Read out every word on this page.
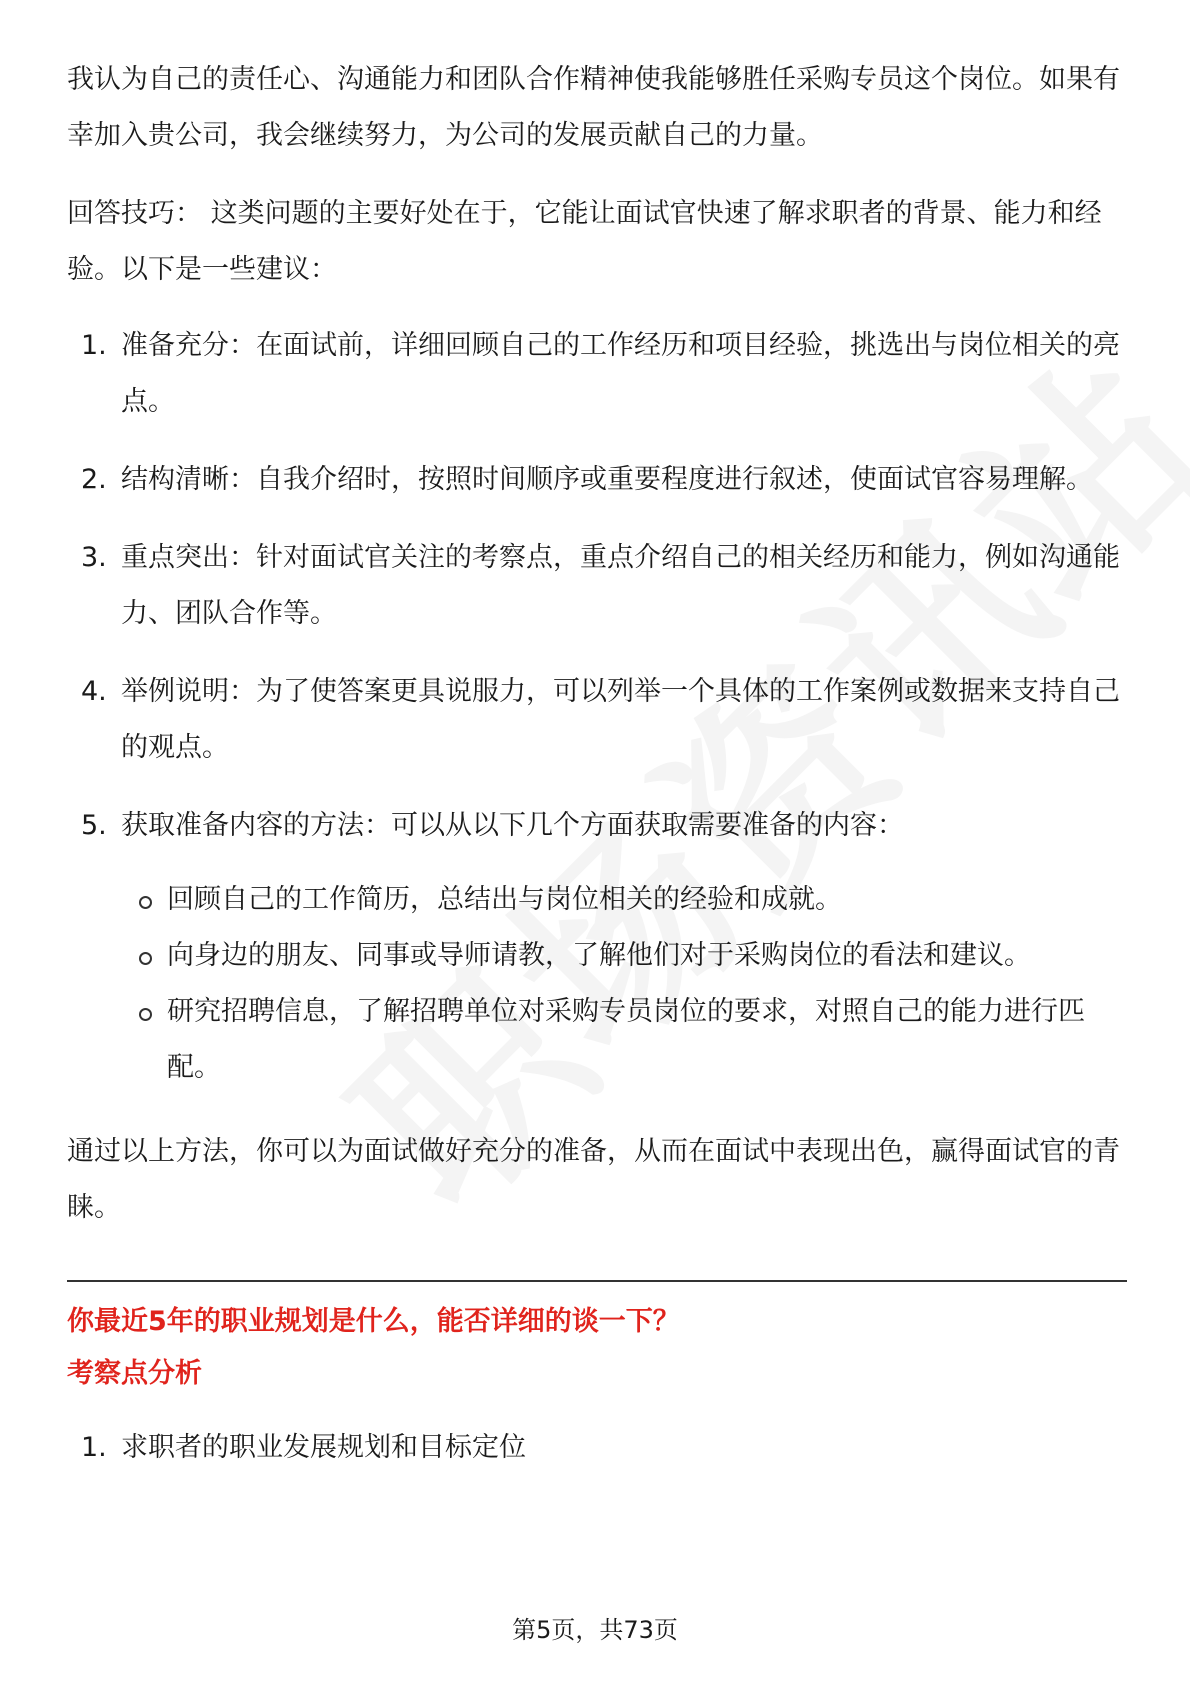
我认为自己的责任心、沟通能力和团队合作精神使我能够胜任采购专员这个岗位。如果有幸加入贵公司，我会继续努力，为公司的发展贡献自己的力量。

回答技巧： 这类问题的主要好处在于，它能让面试官快速了解求职者的背景、能力和经验。以下是一些建议：

1. 准备充分：在面试前，详细回顾自己的工作经历和项目经验，挑选出与岗位相关的亮点。
2. 结构清晰：自我介绍时，按照时间顺序或重要程度进行叙述，使面试官容易理解。
3. 重点突出：针对面试官关注的考察点，重点介绍自己的相关经历和能力，例如沟通能力、团队合作等。
4. 举例说明：为了使答案更具说服力，可以列举一个具体的工作案例或数据来支持自己的观点。
5. 获取准备内容的方法：可以从以下几个方面获取需要准备的内容：
回顾自己的工作简历，总结出与岗位相关的经验和成就。
向身边的朋友、同事或导师请教，了解他们对于采购岗位的看法和建议。
研究招聘信息，了解招聘单位对采购专员岗位的要求，对照自己的能力进行匹配。

通过以上方法，你可以为面试做好充分的准备，从而在面试中表现出色，赢得面试官的青睐。

你最近5年的职业规划是什么，能否详细的谈一下？

考察点分析

1. 求职者的职业发展规划和目标定位
第5页，共73页
